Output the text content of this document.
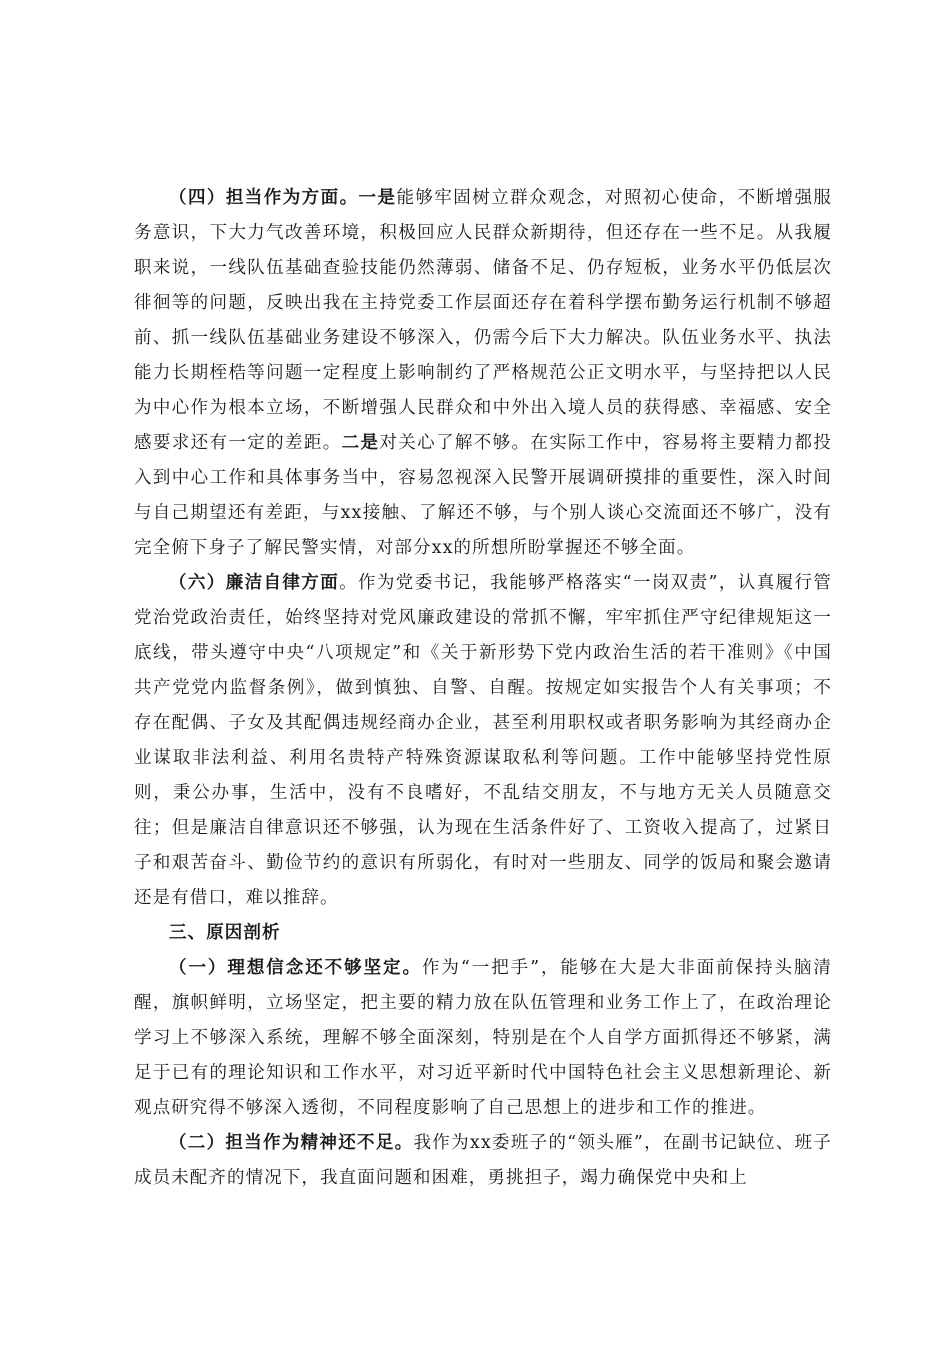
（四）担当作为方面。一是能够牢固树立群众观念，对照初心使命，不断增强服务意识，下大力气改善环境，积极回应人民群众新期待，但还存在一些不足。从我履职来说，一线队伍基础查验技能仍然薄弱、储备不足、仍存短板，业务水平仍低层次徘徊等的问题，反映出我在主持党委工作层面还存在着科学摆布勤务运行机制不够超前、抓一线队伍基础业务建设不够深入，仍需今后下大力解决。队伍业务水平、执法能力长期桎梏等问题一定程度上影响制约了严格规范公正文明水平，与坚持把以人民为中心作为根本立场，不断增强人民群众和中外出入境人员的获得感、幸福感、安全感要求还有一定的差距。二是对关心了解不够。在实际工作中，容易将主要精力都投入到中心工作和具体事务当中，容易忽视深入民警开展调研摸排的重要性，深入时间与自己期望还有差距，与xx接触、了解还不够，与个别人谈心交流面还不够广，没有完全俯下身子了解民警实情，对部分xx的所想所盼掌握还不够全面。

（六）廉洁自律方面。作为党委书记，我能够严格落实“一岗双责”，认真履行管党治党政治责任，始终坚持对党风廉政建设的常抓不懈，牢牢抓住严守纪律规矩这一底线，带头遵守中央“八项规定”和《关于新形势下党内政治生活的若干准则》《中国共产党党内监督条例》，做到慎独、自警、自醒。按规定如实报告个人有关事项；不存在配偶、子女及其配偶违规经商办企业，甚至利用职权或者职务影响为其经商办企业谋取非法利益、利用名贵特产特殊资源谋取私利等问题。工作中能够坚持党性原则，秉公办事，生活中，没有不良嗜好，不乱结交朋友，不与地方无关人员随意交往；但是廉洁自律意识还不够强，认为现在生活条件好了、工资收入提高了，过紧日子和艰苦奋斗、勤俭节约的意识有所弱化，有时对一些朋友、同学的饭局和聚会邀请还是有借口，难以推辞。

三、原因剖析

（一）理想信念还不够坚定。作为“一把手”，能够在大是大非面前保持头脑清醒，旗帜鲜明，立场坚定，把主要的精力放在队伍管理和业务工作上了，在政治理论学习上不够深入系统，理解不够全面深刻，特别是在个人自学方面抓得还不够紧，满足于已有的理论知识和工作水平，对习近平新时代中国特色社会主义思想新理论、新观点研究得不够深入透彻，不同程度影响了自己思想上的进步和工作的推进。

（二）担当作为精神还不足。我作为xx委班子的“领头雁”，在副书记缺位、班子成员未配齐的情况下，我直面问题和困难，勇挑担子，竭力确保党中央和上
